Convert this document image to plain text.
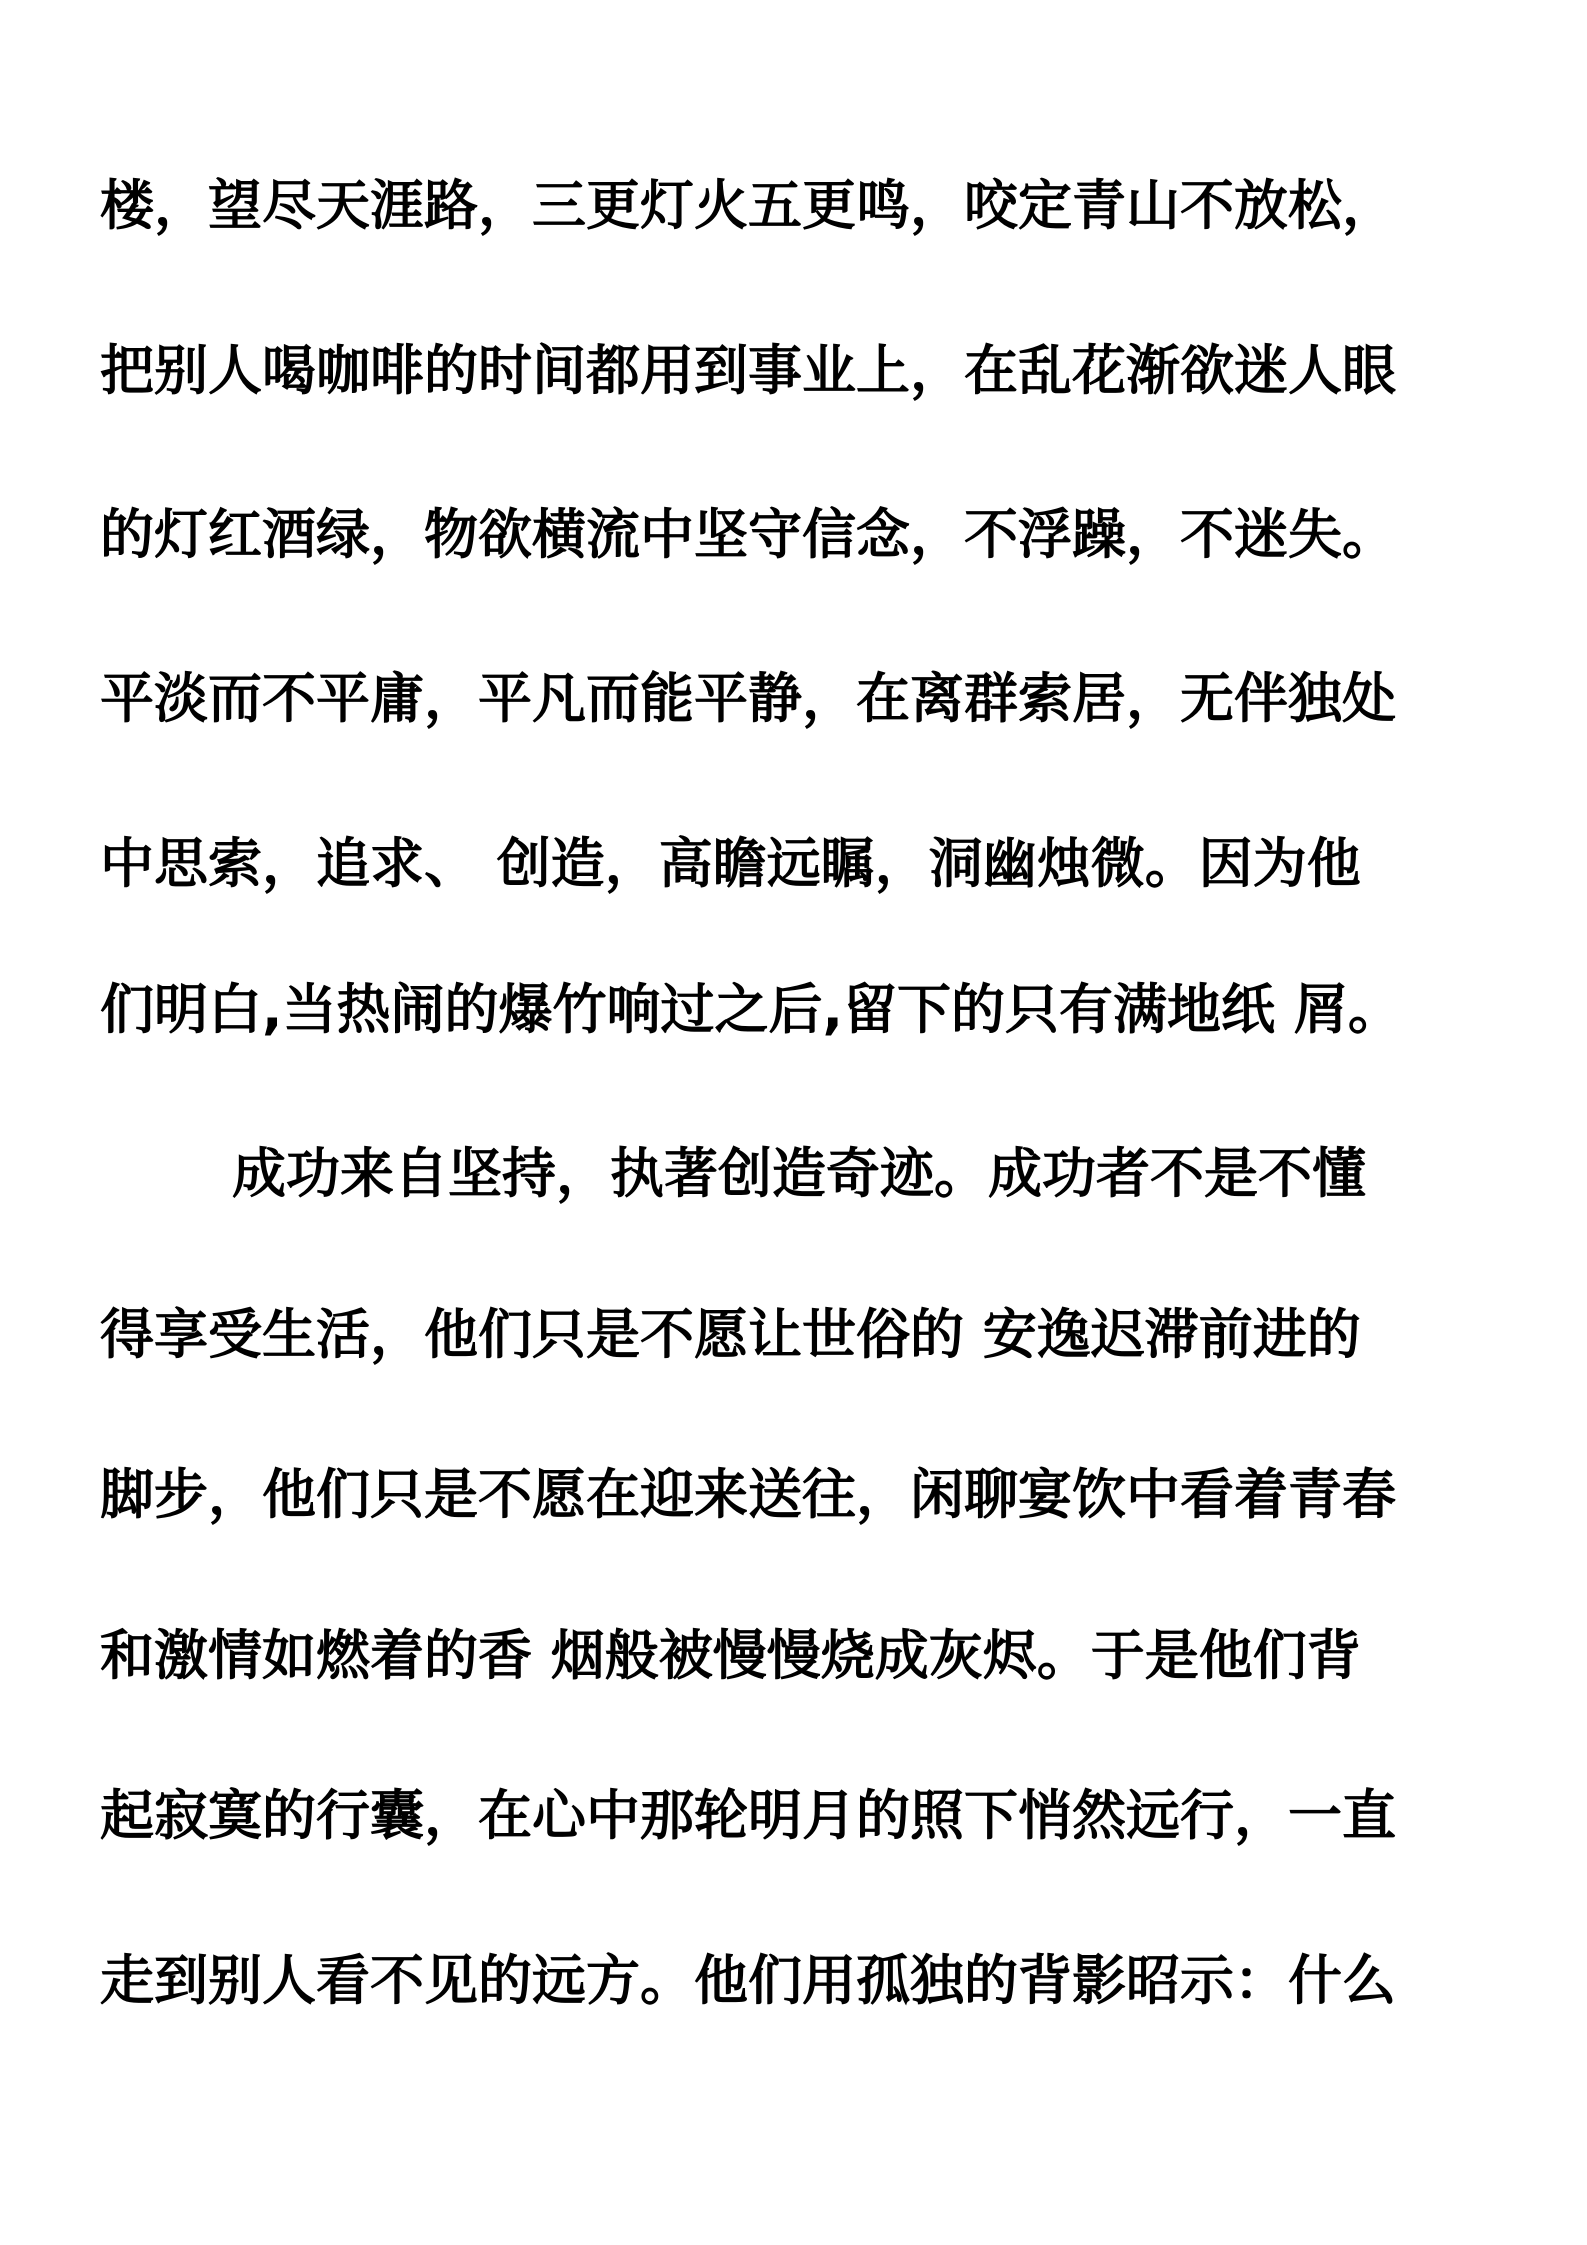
楼，望尽天涯路，三更灯火五更鸣，咬定青山不放松，

把别人喝咖啡的时间都用到事业上，在乱花渐欲迷人眼

的灯红酒绿，物欲横流中坚守信念，不浮躁，不迷失。

平淡而不平庸，平凡而能平静，在离群索居，无伴独处

中思索，追求、 创造，高瞻远瞩，洞幽烛微。因为他

们明白,当热闹的爆竹响过之后,留下的只有满地纸 屑。

成功来自坚持，执著创造奇迹。成功者不是不懂

得享受生活，他们只是不愿让世俗的 安逸迟滞前进的

脚步，他们只是不愿在迎来送往，闲聊宴饮中看着青春

和激情如燃着的香 烟般被慢慢烧成灰烬。于是他们背

起寂寞的行囊，在心中那轮明月的照下悄然远行，一直

走到别人看不见的远方。他们用孤独的背影昭示：什么
